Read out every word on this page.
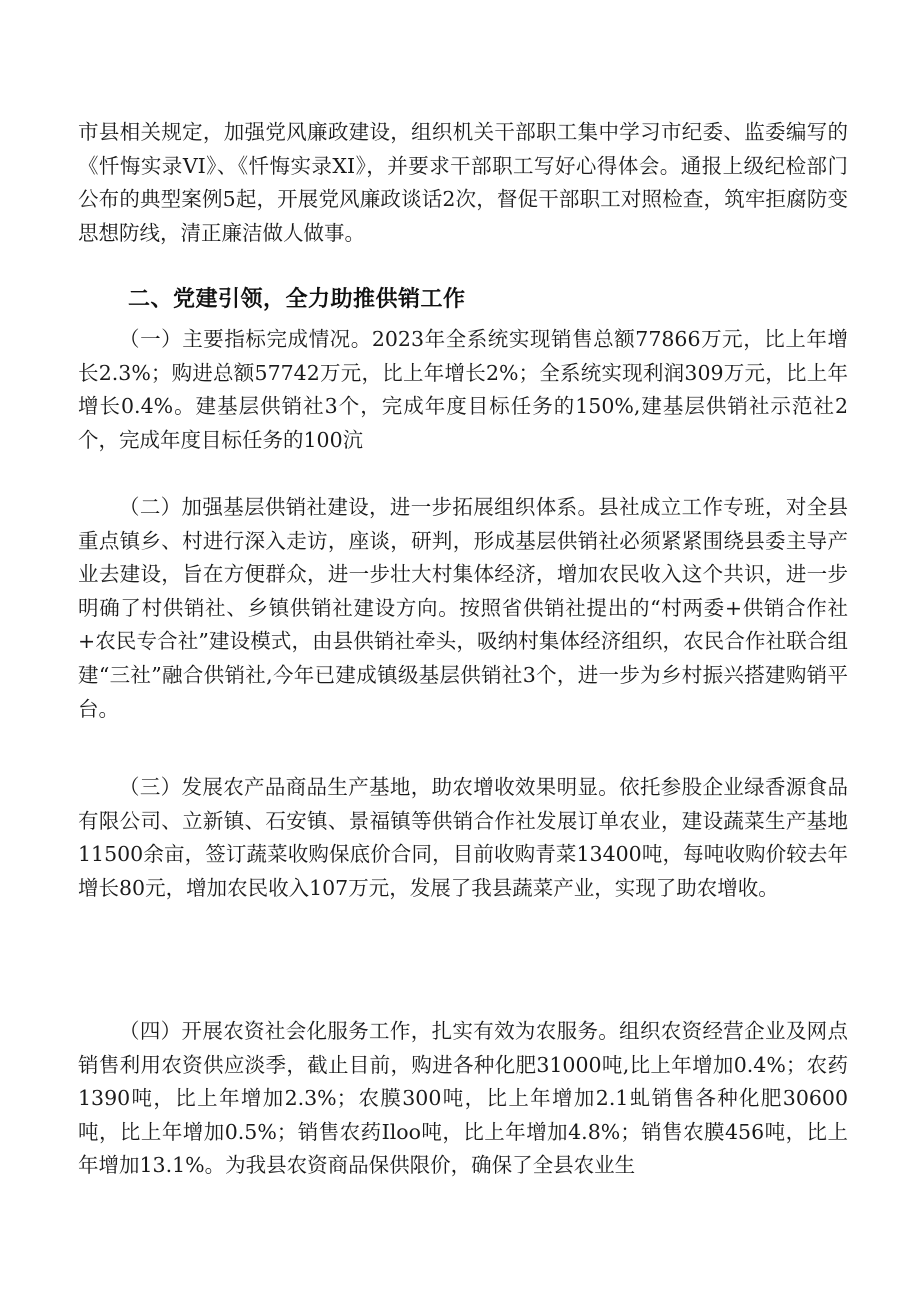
市县相关规定，加强党风廉政建设，组织机关干部职工集中学习市纪委、监委编写的《忏悔实录VI》、《忏悔实录XI》，并要求干部职工写好心得体会。通报上级纪检部门公布的典型案例5起，开展党风廉政谈话2次，督促干部职工对照检查，筑牢拒腐防变思想防线，清正廉洁做人做事。

二、党建引领，全力助推供销工作

（一）主要指标完成情况。2023年全系统实现销售总额77866万元，比上年增长2.3%；购进总额57742万元，比上年增长2%；全系统实现利润309万元，比上年增长0.4%。建基层供销社3个，完成年度目标任务的150%,建基层供销社示范社2个，完成年度目标任务的100沆

（二）加强基层供销社建设，进一步拓展组织体系。县社成立工作专班，对全县重点镇乡、村进行深入走访，座谈，研判，形成基层供销社必须紧紧围绕县委主导产业去建设，旨在方便群众，进一步壮大村集体经济，增加农民收入这个共识，进一步明确了村供销社、乡镇供销社建设方向。按照省供销社提出的“村两委+供销合作社+农民专合社”建设模式，由县供销社牵头，吸纳村集体经济组织，农民合作社联合组建“三社”融合供销社,今年已建成镇级基层供销社3个，进一步为乡村振兴搭建购销平台。

（三）发展农产品商品生产基地，助农增收效果明显。依托参股企业绿香源食品有限公司、立新镇、石安镇、景福镇等供销合作社发展订单农业，建设蔬菜生产基地11500余亩，签订蔬菜收购保底价合同，目前收购青菜13400吨，每吨收购价较去年增长80元，增加农民收入107万元，发展了我县蔬菜产业，实现了助农增收。

（四）开展农资社会化服务工作，扎实有效为农服务。组织农资经营企业及网点销售利用农资供应淡季，截止目前，购进各种化肥31000吨,比上年增加0.4%；农药1390吨，比上年增加2.3%；农膜300吨，比上年增加2.1虬销售各种化肥30600吨，比上年增加0.5%；销售农药Iloo吨，比上年增加4.8%；销售农膜456吨，比上年增加13.1%。为我县农资商品保供限价，确保了全县农业生
